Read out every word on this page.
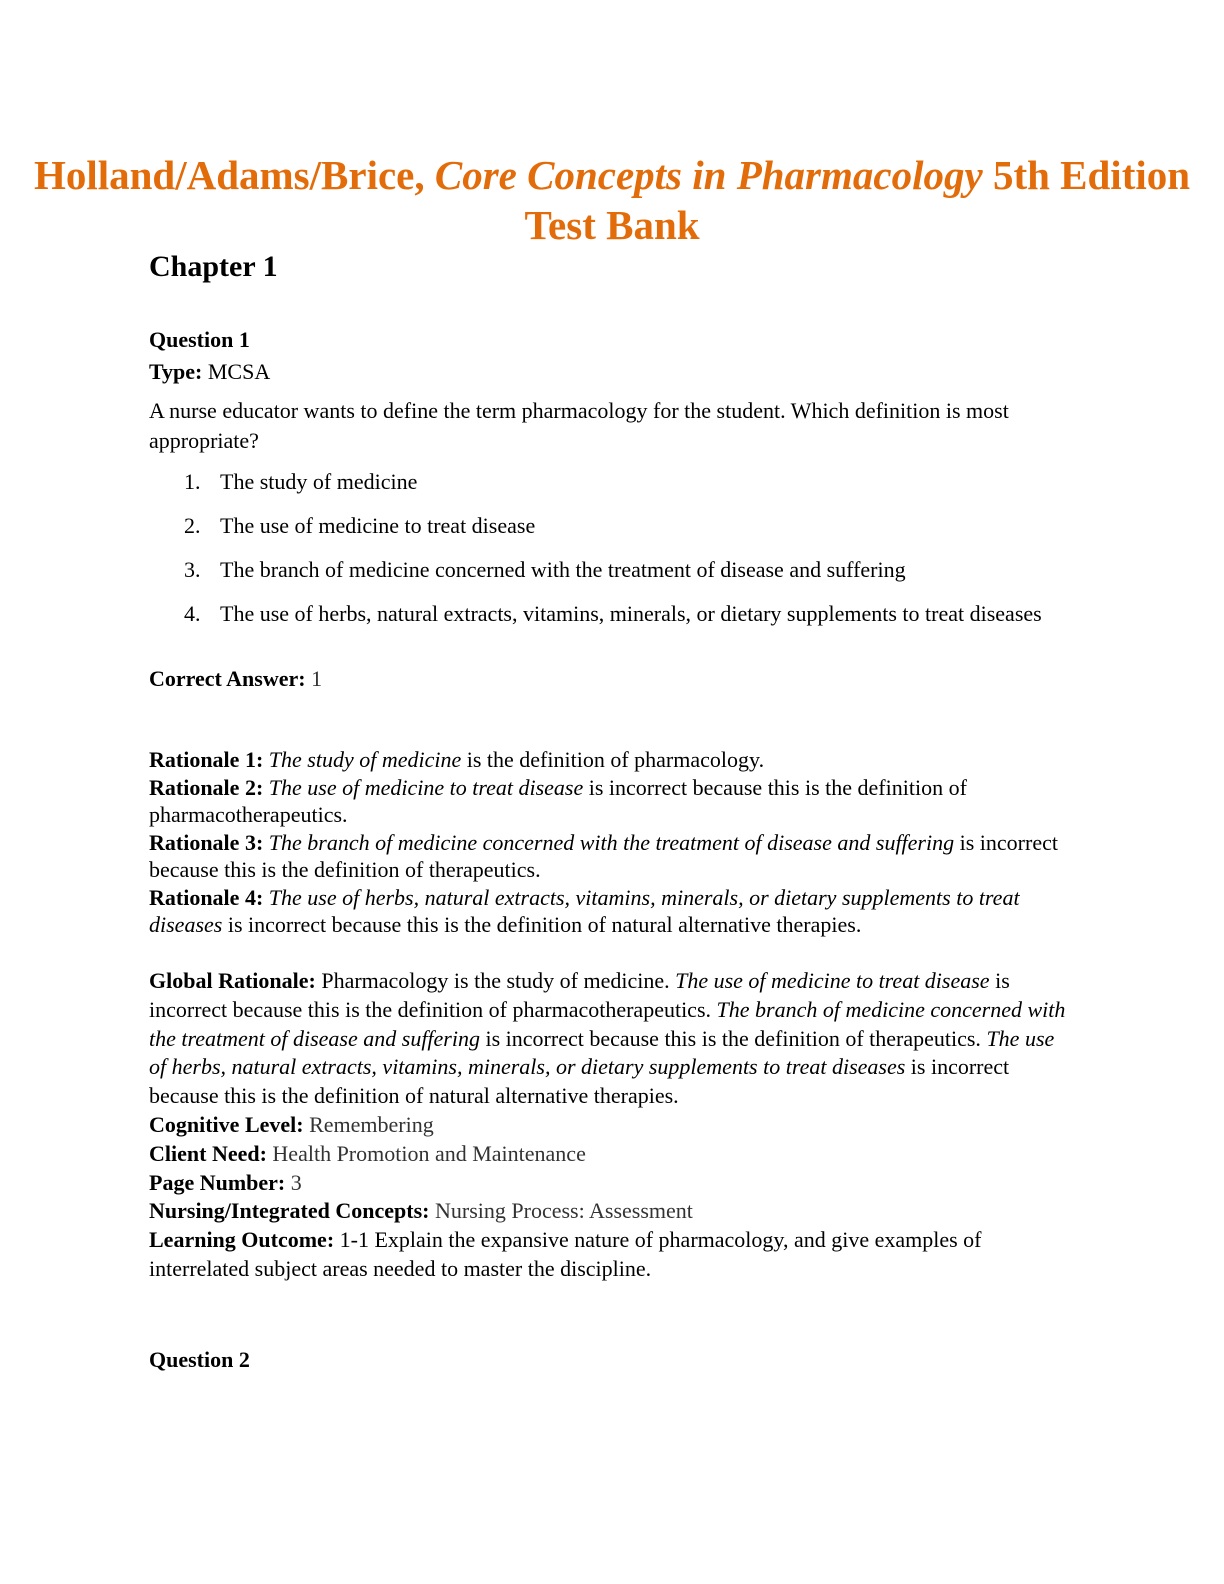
Holland/Adams/Brice, Core Concepts in Pharmacology 5th Edition Test Bank
Chapter 1
Question 1
Type: MCSA
A nurse educator wants to define the term pharmacology for the student. Which definition is most appropriate?
1. The study of medicine
2. The use of medicine to treat disease
3. The branch of medicine concerned with the treatment of disease and suffering
4. The use of herbs, natural extracts, vitamins, minerals, or dietary supplements to treat diseases
Correct Answer: 1
Rationale 1: The study of medicine is the definition of pharmacology.
Rationale 2: The use of medicine to treat disease is incorrect because this is the definition of pharmacotherapeutics.
Rationale 3: The branch of medicine concerned with the treatment of disease and suffering is incorrect because this is the definition of therapeutics.
Rationale 4: The use of herbs, natural extracts, vitamins, minerals, or dietary supplements to treat diseases is incorrect because this is the definition of natural alternative therapies.
Global Rationale: Pharmacology is the study of medicine. The use of medicine to treat disease is incorrect because this is the definition of pharmacotherapeutics. The branch of medicine concerned with the treatment of disease and suffering is incorrect because this is the definition of therapeutics. The use of herbs, natural extracts, vitamins, minerals, or dietary supplements to treat diseases is incorrect because this is the definition of natural alternative therapies.
Cognitive Level: Remembering
Client Need: Health Promotion and Maintenance
Page Number: 3
Nursing/Integrated Concepts: Nursing Process: Assessment
Learning Outcome: 1-1 Explain the expansive nature of pharmacology, and give examples of interrelated subject areas needed to master the discipline.
Question 2
